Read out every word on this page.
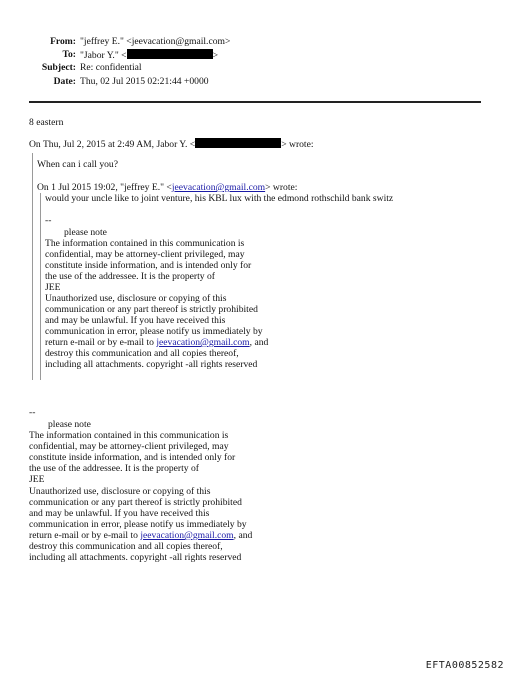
From: "jeffrey E." <jeevacation@gmail.com>
To: "Jabor Y." <	>
Subject: Re: confidential
Date: Thu, 02 Jul 2015 02:21:44 +0000
8 eastern
On Thu, Jul 2, 2015 at 2:49 AM, Jabor Y. <	> wrote:
When can i call you?
On 1 Jul 2015 19:02, "jeffrey E." <jeevacation@gmail.com> wrote:
would your uncle like to joint venture, his KBL lux with the edmond rothschild bank switz
--
please note
The information contained in this communication is
confidential, may be attorney-client privileged, may
constitute inside information, and is intended only for
the use of the addressee. It is the property of
JEE
Unauthorized use, disclosure or copying of this
communication or any part thereof is strictly prohibited
and may be unlawful. If you have received this
communication in error, please notify us immediately by
return e-mail or by e-mail to jeevacation@gmail.com, and
destroy this communication and all copies thereof,
including all attachments. copyright -all rights reserved
--
please note
The information contained in this communication is
confidential, may be attorney-client privileged, may
constitute inside information, and is intended only for
the use of the addressee. It is the property of
JEE
Unauthorized use, disclosure or copying of this
communication or any part thereof is strictly prohibited
and may be unlawful. If you have received this
communication in error, please notify us immediately by
return e-mail or by e-mail to jeevacation@gmail.com, and
destroy this communication and all copies thereof,
including all attachments. copyright -all rights reserved
EFTA00852582
